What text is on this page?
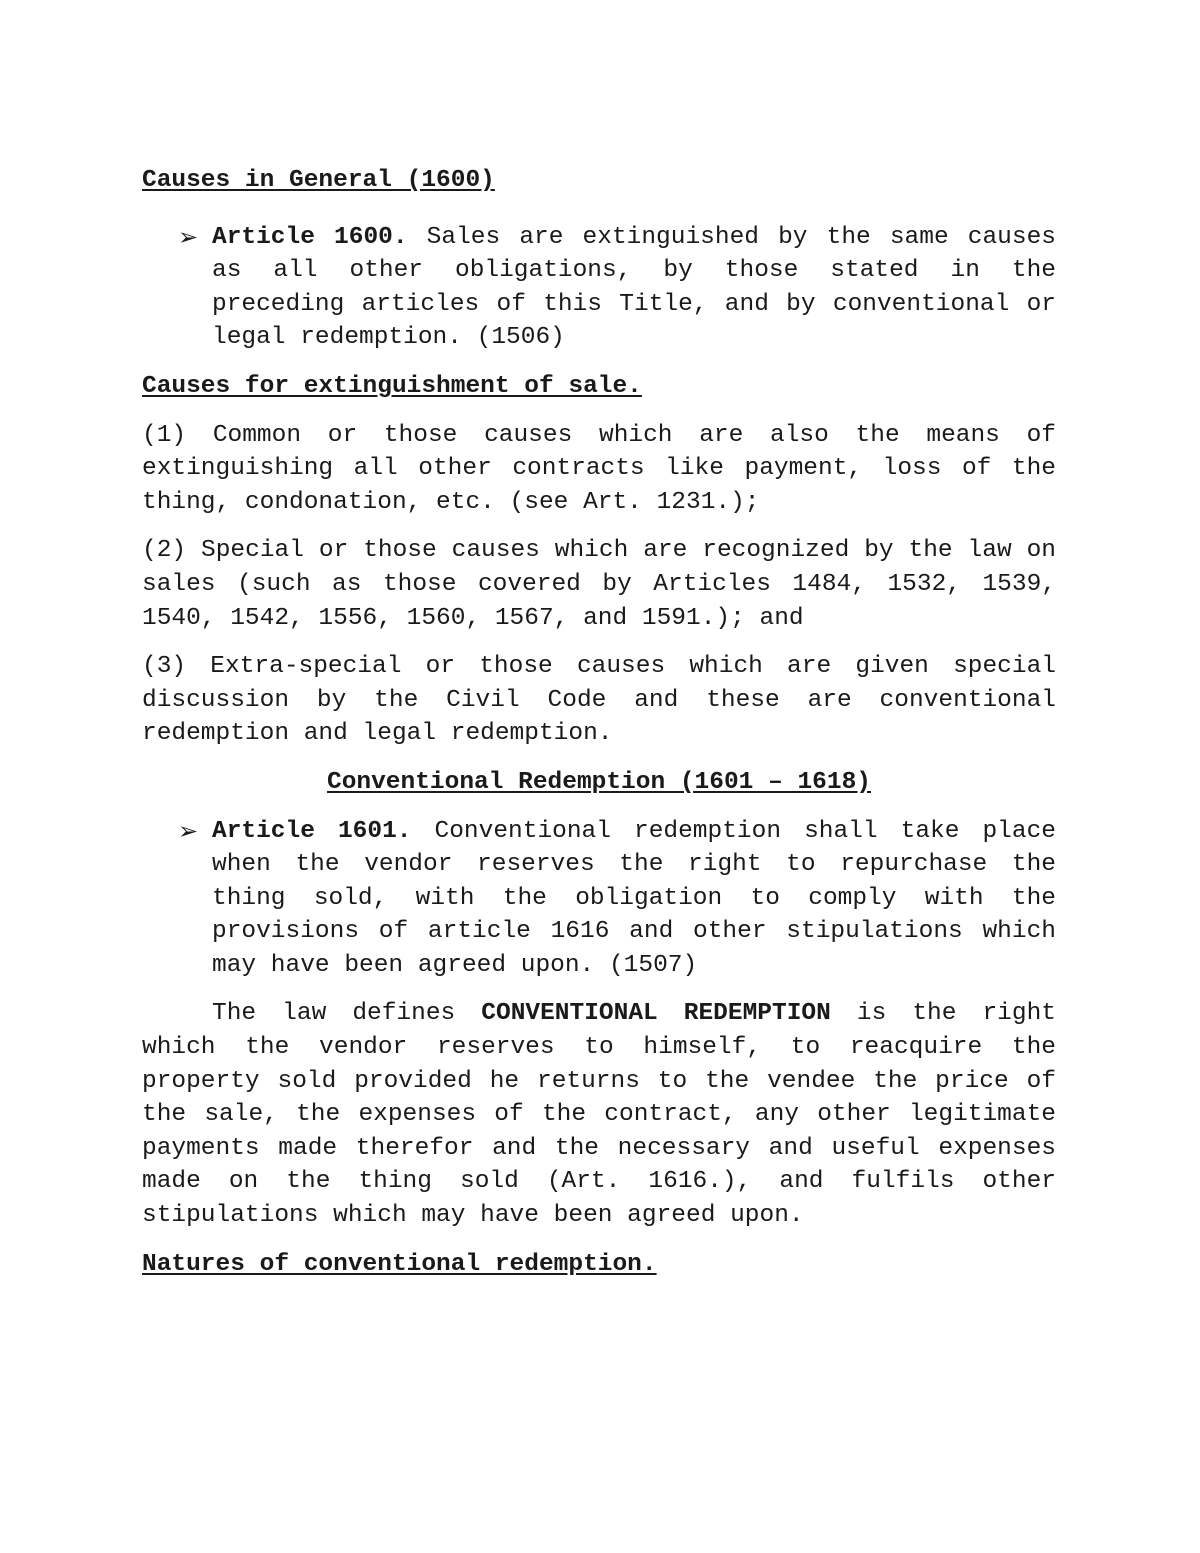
Causes in General (1600)

➢ Article 1600. Sales are extinguished by the same causes as all other obligations, by those stated in the preceding articles of this Title, and by conventional or legal redemption. (1506)

Causes for extinguishment of sale.

(1) Common or those causes which are also the means of extinguishing all other contracts like payment, loss of the thing, condonation, etc. (see Art. 1231.);

(2) Special or those causes which are recognized by the law on sales (such as those covered by Articles 1484, 1532, 1539, 1540, 1542, 1556, 1560, 1567, and 1591.); and

(3) Extra-special or those causes which are given special discussion by the Civil Code and these are conventional redemption and legal redemption.

Conventional Redemption (1601 – 1618)

➢ Article 1601. Conventional redemption shall take place when the vendor reserves the right to repurchase the thing sold, with the obligation to comply with the provisions of article 1616 and other stipulations which may have been agreed upon. (1507)

The law defines CONVENTIONAL REDEMPTION is the right which the vendor reserves to himself, to reacquire the property sold provided he returns to the vendee the price of the sale, the expenses of the contract, any other legitimate payments made therefor and the necessary and useful expenses made on the thing sold (Art. 1616.), and fulfils other stipulations which may have been agreed upon.

Natures of conventional redemption.
